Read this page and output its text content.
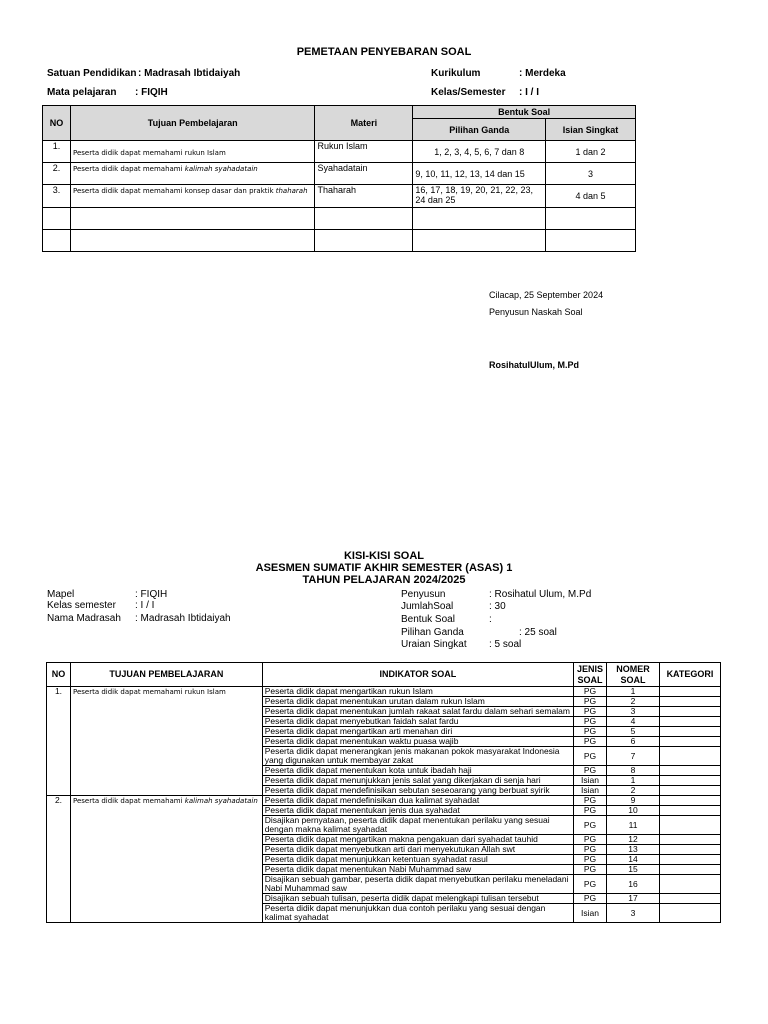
PEMETAAN PENYEBARAN SOAL
Satuan Pendidikan : Madrasah Ibtidaiyah
Mata pelajaran : FIQIH
Kurikulum	: Merdeka
Kelas/Semester : I / I
NO	Tujuan Pembelajaran	Materi	Bentuk Soal	
			Pilihan Ganda	Isian Singkat
1.	Peserta didik dapat memahami rukun Islam	Rukun Islam	1, 2, 3, 4, 5, 6, 7 dan 8	1 dan 2
2.	Peserta didik dapat memahami kalimah syahadatain	Syahadatain	9, 10, 11, 12, 13, 14 dan 15	3
3.	Peserta didik dapat memahami konsep dasar dan praktik thaharah	Thaharah	16, 17, 18, 19, 20, 21, 22, 23, 24 dan 25	4 dan 5

Cilacap, 25 September 2024
Penyusun Naskah Soal
RosihatulUlum, M.Pd
KISI-KISI SOAL
ASESMEN SUMATIF AKHIR SEMESTER (ASAS) 1
TAHUN PELAJARAN 2024/2025
Mapel	: FIQIH
Kelas semester : I / I
Nama Madrasah : Madrasah Ibtidaiyah
Penyusun	: Rosihatul Ulum, M.Pd
JumlahSoal	: 30
Bentuk Soal	:
Pilihan Ganda	: 25 soal
Uraian Singkat : 5 soal
NO	TUJUAN PEMBELAJARAN	INDIKATOR SOAL	JENIS SOAL	NOMER SOAL	KATEGORI
1.	Peserta didik dapat memahami rukun Islam	Peserta didik dapat mengartikan rukun Islam	PG	1	
		Peserta didik dapat menentukan urutan dalam rukun Islam	PG	2	
		Peserta didik dapat menentukan jumlah rakaat salat fardu dalam sehari semalam	PG	3	
		Peserta didik dapat menyebutkan faidah salat fardu	PG	4	
		Peserta didik dapat mengartikan arti menahan diri	PG	5	
		Peserta didik dapat menentukan waktu puasa wajib	PG	6	
		Peserta didik dapat menerangkan jenis makanan pokok masyarakat Indonesia yang digunakan untuk membayar zakat	PG	7	
		Peserta didik dapat menentukan kota untuk ibadah haji	PG	8	
		Peserta didik dapat menunjukkan jenis salat yang dikerjakan di senja hari	Isian	1	
		Peserta didik dapat mendefinisikan sebutan seseoarang yang berbuat syirik	Isian	2	
2.	Peserta didik dapat memahami kalimah syahadatain	Peserta didik dapat mendefinisikan dua kalimat syahadat	PG	9	
		Peserta didik dapat menentukan jenis dua syahadat	PG	10	
		Disajikan pernyataan, peserta didik dapat menentukan perilaku yang sesuai dengan makna kalimat syahadat	PG	11	
		Peserta didik dapat mengartikan makna pengakuan dari syahadat tauhid	PG	12	
		Peserta didik dapat menyebutkan arti dari menyekutukan Allah swt	PG	13	
		Peserta didik dapat menunjukkan ketentuan syahadat rasul	PG	14	
		Peserta didik dapat menentukan Nabi Muhammad saw	PG	15	
		Disajikan sebuah gambar, peserta didik dapat menyebutkan perilaku meneladani Nabi Muhammad saw	PG	16	
		Disajikan sebuah tulisan, peserta didik dapat melengkapi tulisan tersebut	PG	17	
		Peserta didik dapat menunjukkan dua contoh perilaku yang sesuai dengan kalimat syahadat	Isian	3	
